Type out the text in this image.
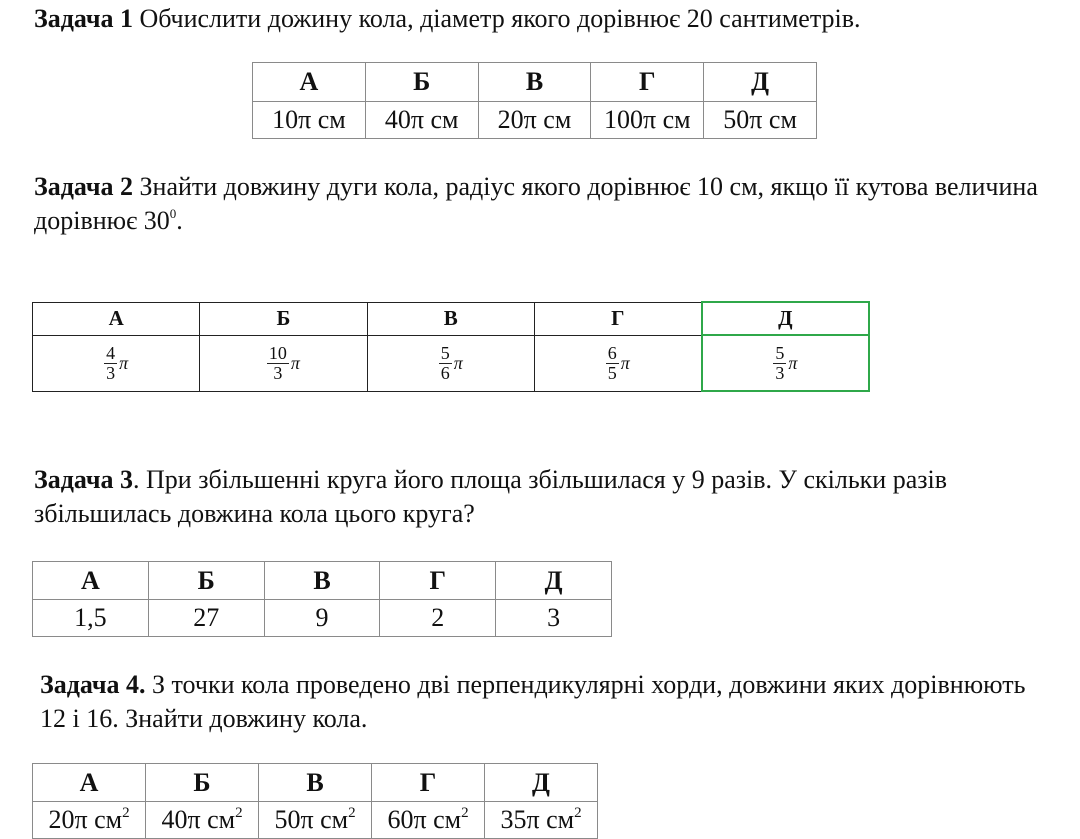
Задача 1 Обчислити дожину кола, діаметр якого дорівнює 20 сантиметрів.

А	Б	В	Г	Д
10π см	40π см	20π см	100π см	50π см

Задача 2 Знайти довжину дуги кола, радіус якого дорівнює 10 см, якщо її кутова величина дорівнює $30^0$.

А	Б	В	Г	Д

$\frac{4}{3}$ π	$\frac{10}{3}$ π	$\frac{5}{6}$ π	$\frac{6}{5}$ π	$\frac{5}{3}$ π

Задача 3. При збільшенні круга його площа збільшилася у 9 разів. У скільки разів збільшилась довжина кола цього круга?

А	Б	В	Г	Д
1,5	27	9	2	3

Задача 4. З точки кола проведено дві перпендикулярні хорди, довжини яких дорівнюють 12 і 16. Знайти довжину кола.

А	Б	В	Г	Д
20π $см^2$	40π $см^2$	50π $см^2$	60π $см^2$	35π $см^2$
